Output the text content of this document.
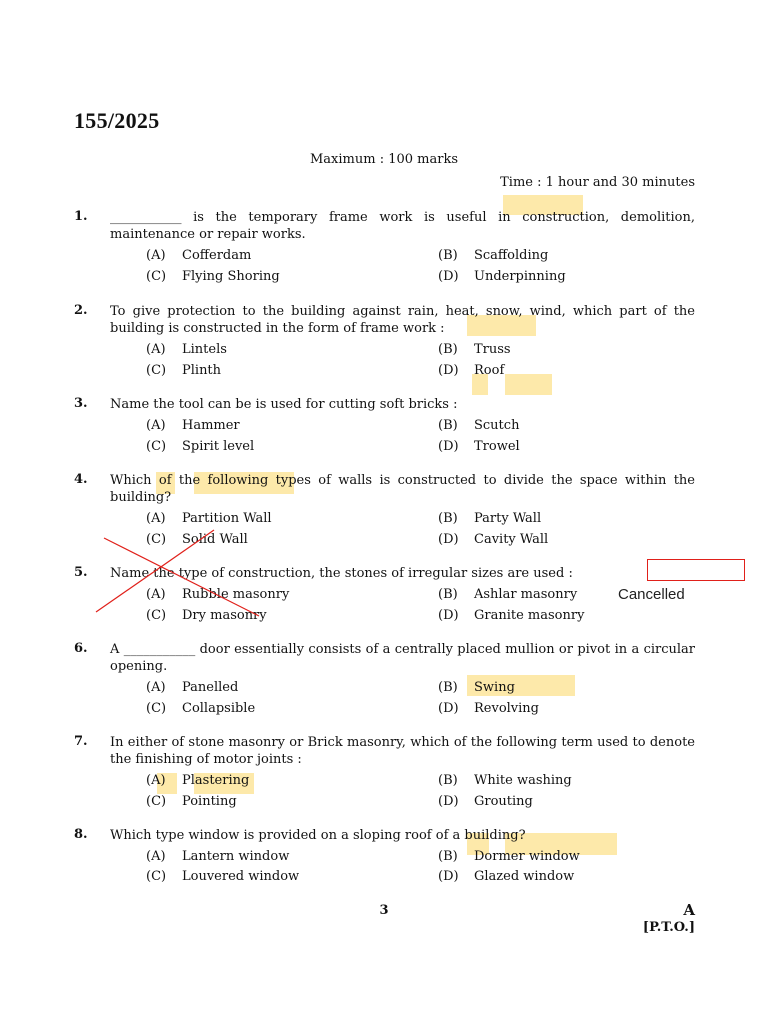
155/2025
Maximum : 100 marks
Time : 1 hour and 30 minutes
1. ___________ is the temporary frame work is useful in construction, demolition, maintenance or repair works.
(A)	Cofferdam	(B)	Scaffolding
(C)	Flying Shoring	(D)	Underpinning
2. To give protection to the building against rain, heat, snow, wind, which part of the building is constructed in the form of frame work :
(A)	Lintels	(B)	Truss
(C)	Plinth	(D)	Roof
3. Name the tool can be is used for cutting soft bricks :
(A)	Hammer	(B)	Scutch
(C)	Spirit level	(D)	Trowel
4. Which of the following types of walls is constructed to divide the space within the building?
(A)	Partition Wall	(B)	Party Wall
(C)	Solid Wall	(D)	Cavity Wall
5. Name the type of construction, the stones of irregular sizes are used :
(A)	Rubble masonry	(B)	Ashlar masonry
(C)	Dry masonry	(D)	Granite masonry
6. A ___________ door essentially consists of a centrally placed mullion or pivot in a circular opening.
(A)	Panelled	(B)	Swing
(C)	Collapsible	(D)	Revolving
7. In either of stone masonry or Brick masonry, which of the following term used to denote the finishing of motor joints :
(A)	Plastering	(B)	White washing
(C)	Pointing	(D)	Grouting
8. Which type window is provided on a sloping roof of a building?
(A)	Lantern window	(B)	Dormer window
(C)	Louvered window	(D)	Glazed window
Cancelled
3	A
[P.T.O.]
